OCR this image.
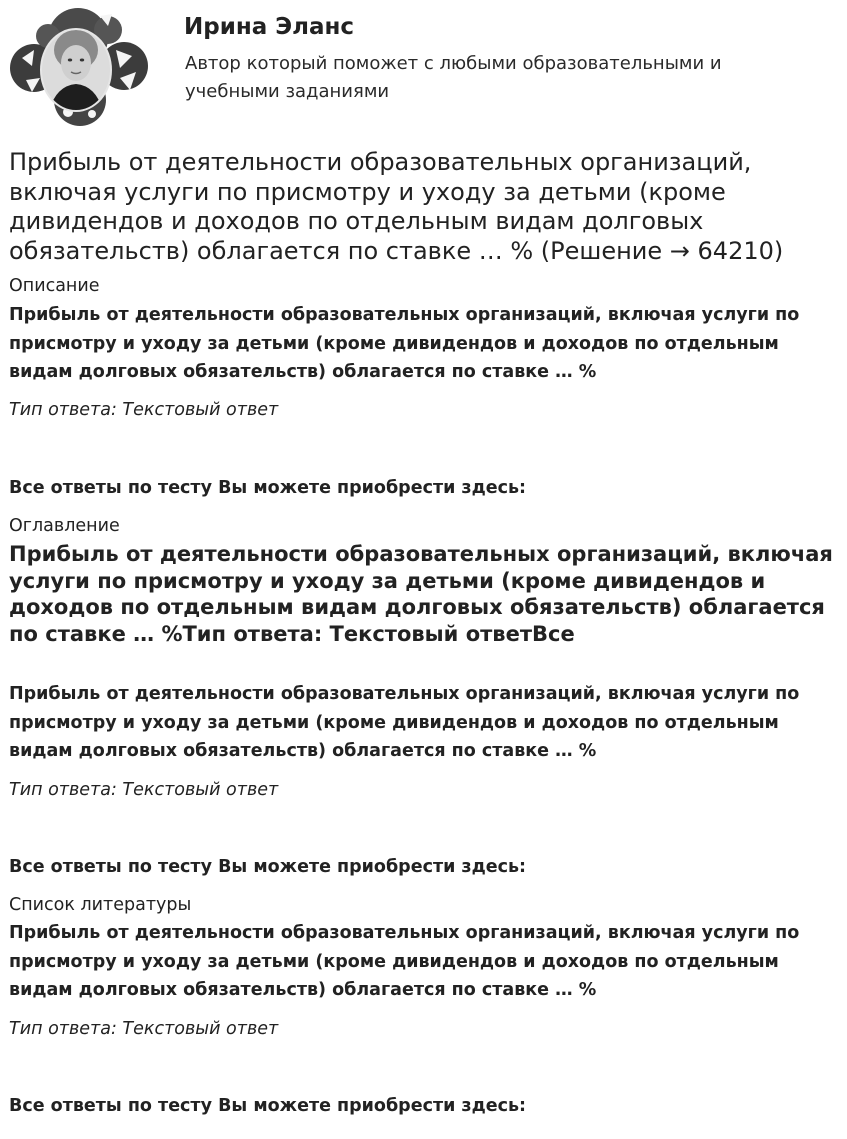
Ирина Эланс
Автор который поможет с любыми образовательными и учебными заданиями
Прибыль от деятельности образовательных организаций, включая услуги по присмотру и уходу за детьми (кроме дивидендов и доходов по отдельным видам долговых обязательств) облагается по ставке … % (Решение → 64210)
Описание

Прибыль от деятельности образовательных организаций, включая услуги по присмотру и уходу за детьми (кроме дивидендов и доходов по отдельным видам долговых обязательств) облагается по ставке … %

Тип ответа: Текстовый ответ
Все ответы по тесту Вы можете приобрести здесь:
Оглавление

Прибыль от деятельности образовательных организаций, включая услуги по присмотру и уходу за детьми (кроме дивидендов и доходов по отдельным видам долговых обязательств) облагается по ставке … %Тип ответа: Текстовый ответВсе

Прибыль от деятельности образовательных организаций, включая услуги по присмотру и уходу за детьми (кроме дивидендов и доходов по отдельным видам долговых обязательств) облагается по ставке … %

Тип ответа: Текстовый ответ
Все ответы по тесту Вы можете приобрести здесь:
Список литературы

Прибыль от деятельности образовательных организаций, включая услуги по присмотру и уходу за детьми (кроме дивидендов и доходов по отдельным видам долговых обязательств) облагается по ставке … %

Тип ответа: Текстовый ответ
Все ответы по тесту Вы можете приобрести здесь:
